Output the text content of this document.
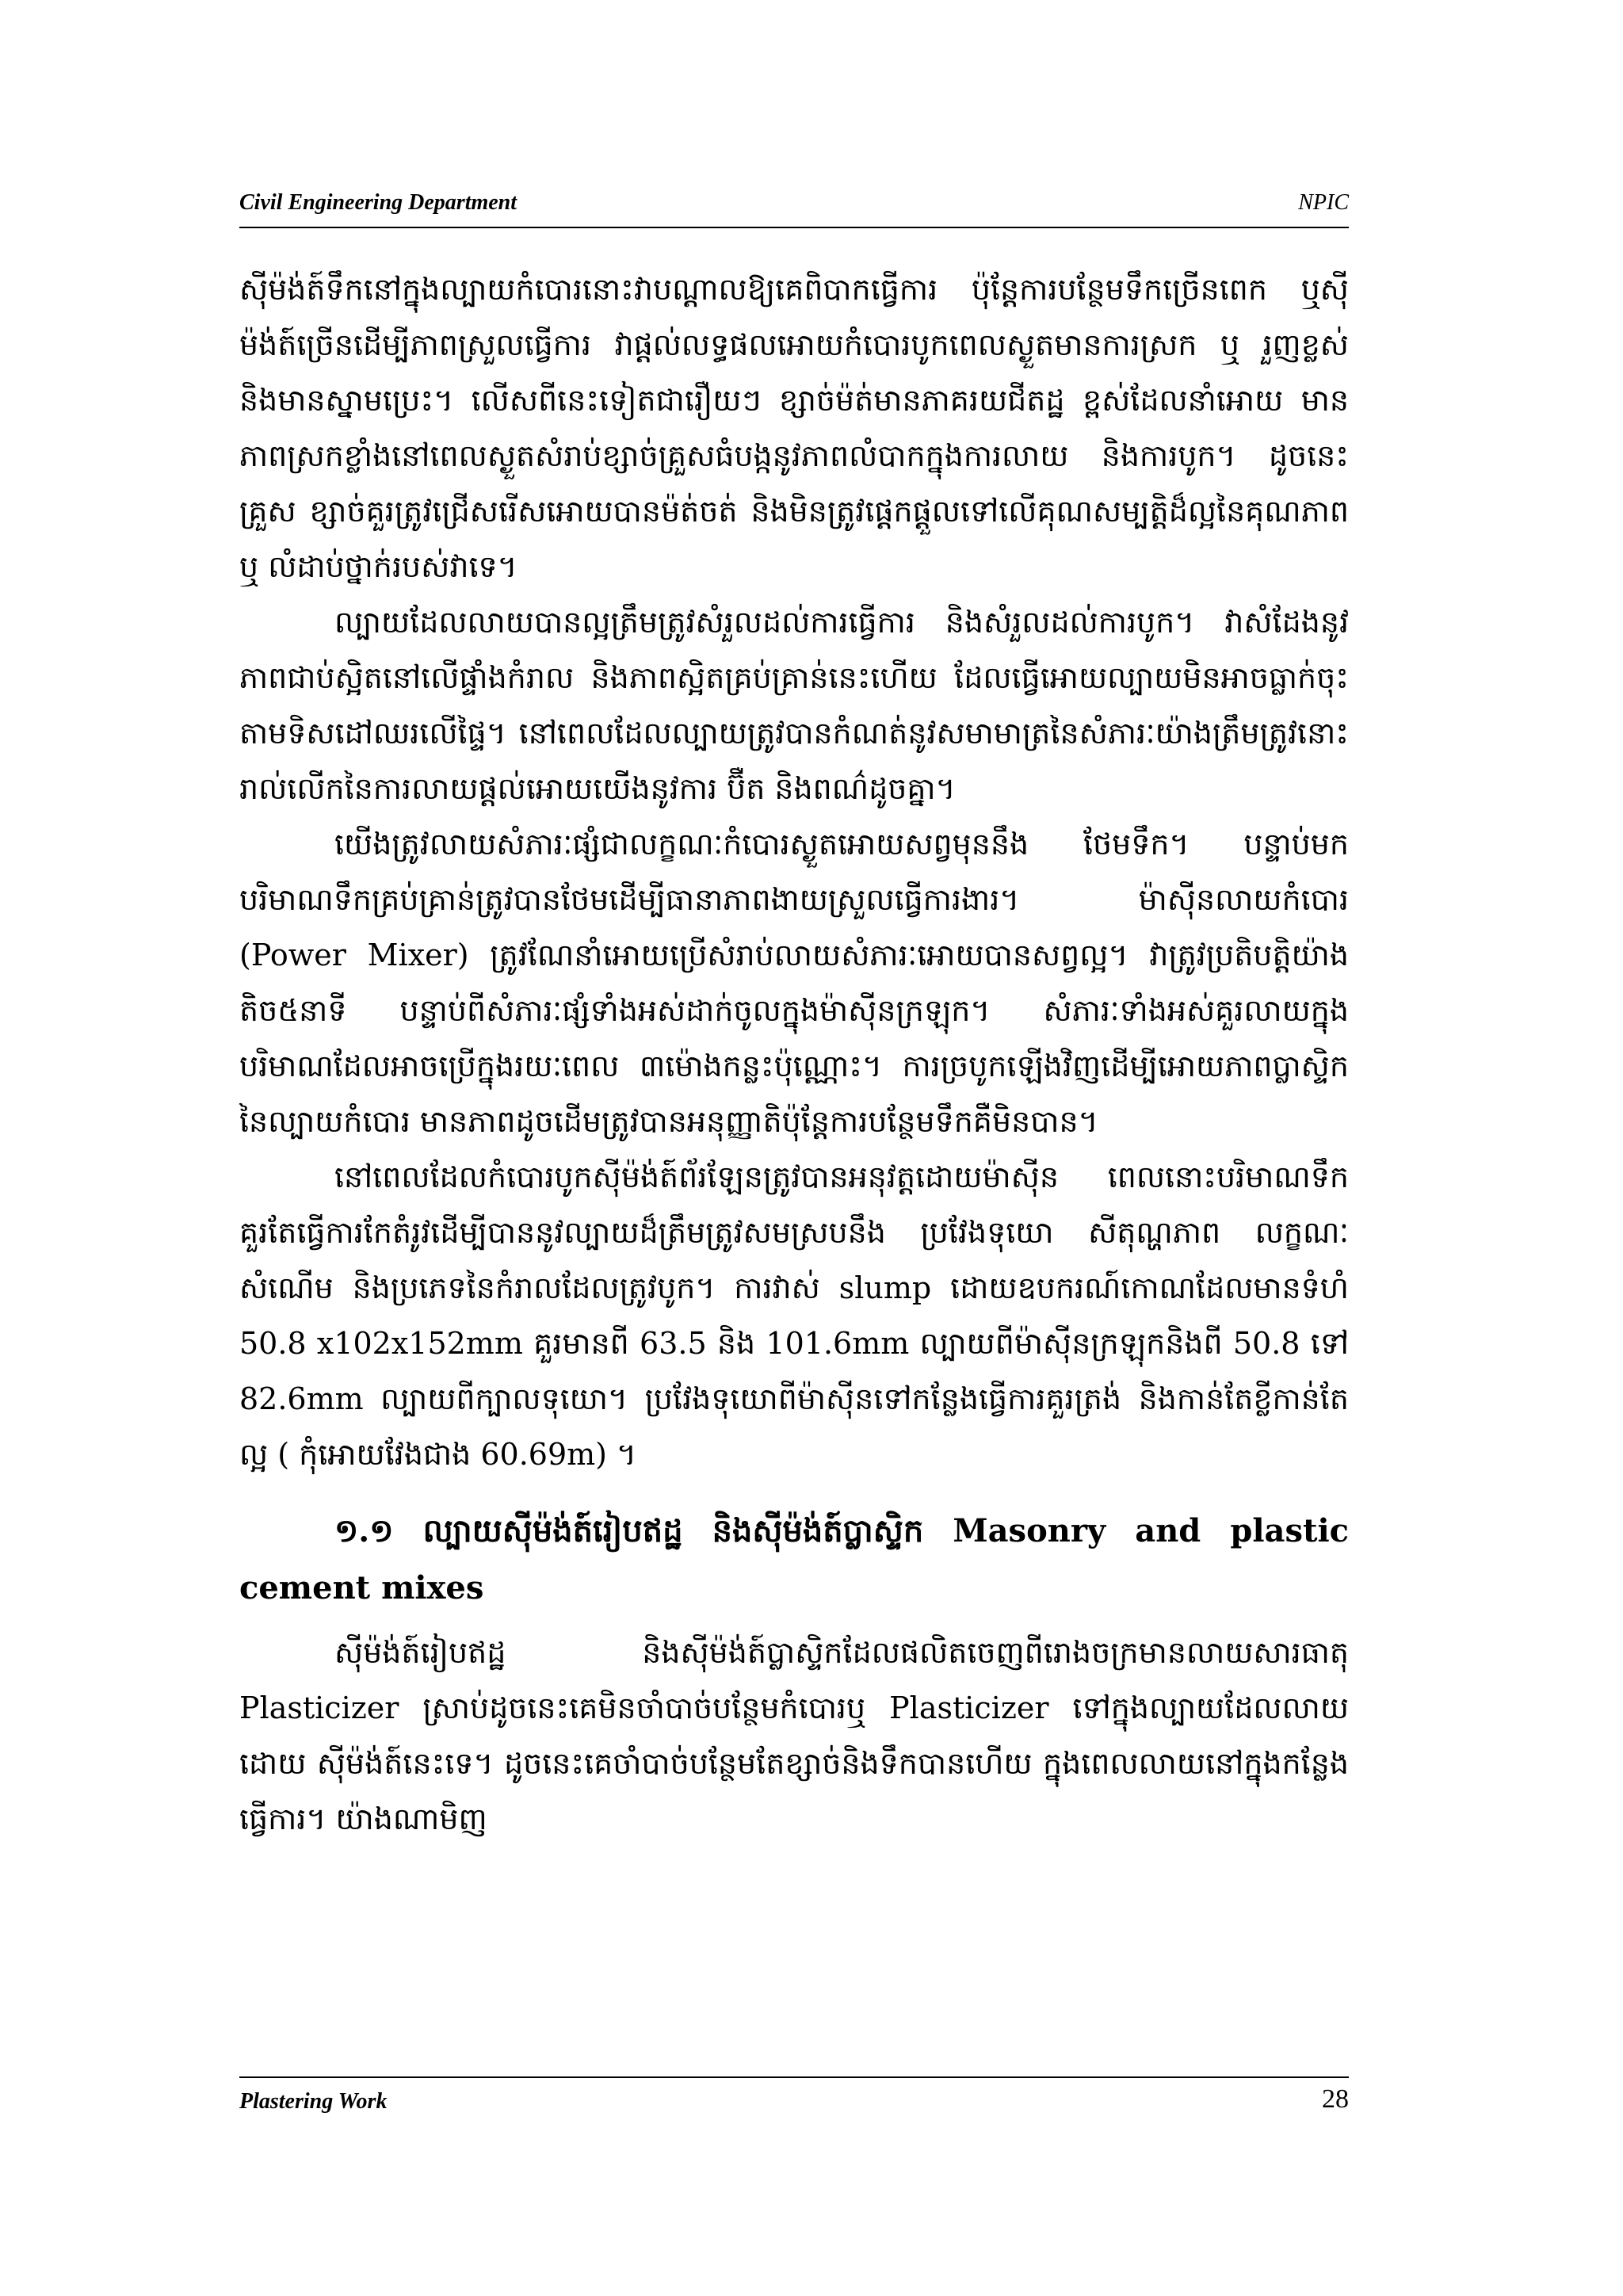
Civil Engineering Department	NPIC

ស៊ីម៉ង់ត៍ទឹកនៅក្នុងល្បាយកំបោរនោះវាបណ្ដាលឱ្យគេពិបាកធ្វើការ ប៉ុន្តែការបន្ថែមទឹកច្រើនពេក ឬស៊ីម៉ង់ត៍ច្រើនដើម្បីភាពស្រួលធ្វើការ វាផ្ដល់លទ្ធផលអោយកំបោរបូកពេលស្ងួតមានការស្រក ឬ រួញខ្លស់ និងមានស្នាមប្រេះ។ លើសពីនេះទៀតជារឿយៗ ខ្សាច់ម៉ត់មានភាគរយជីតដ្ឋ ខ្ពស់ដែលនាំអោយ មានភាពស្រកខ្លាំងនៅពេលស្ងួតសំរាប់ខ្សាច់គ្រួសធំបង្កនូវភាពលំបាកក្នុងការលាយ និងការបូក។ ដូចនេះ គ្រួស ខ្សាច់គួរត្រូវជ្រើសរើសអោយបានម៉ត់ចត់ និងមិនត្រូវផ្ដេកផ្ដួលទៅលើគុណសម្បត្តិដ៏ល្អនៃគុណភាព ឬ លំដាប់ថ្នាក់របស់វាទេ។

ល្បាយដែលលាយបានល្អត្រឹមត្រូវសំរួលដល់ការធ្វើការ និងសំរួលដល់ការបូក។ វាសំដែងនូវភាពជាប់ស្អិតនៅលើផ្ទាំងកំរាល និងភាពស្អិតគ្រប់គ្រាន់នេះហើយ ដែលធ្វើអោយល្បាយមិនអាចធ្លាក់ចុះតាមទិសដៅឈរលើផ្ទៃ។ នៅពេលដែលល្បាយត្រូវបានកំណត់នូវសមាមាត្រនៃសំភារៈយ៉ាងត្រឹមត្រូវនោះរាល់លើកនៃការលាយផ្ដល់អោយយើងនូវការ ប៊ឺត និងពណ៌ដូចគ្នា។

យើងត្រូវលាយសំភារៈផ្សំជាលក្ខណៈកំបោរស្ងួតអោយសព្វមុននឹង ថែមទឹក។ បន្ទាប់មកបរិមាណទឹកគ្រប់គ្រាន់ត្រូវបានថែមដើម្បីធានាភាពងាយស្រួលធ្វើការងារ។ ម៉ាស៊ីនលាយកំបោរ (Power Mixer) ត្រូវណែនាំអោយប្រើសំរាប់លាយសំភារៈអោយបានសព្វល្អ។ វាត្រូវប្រតិបត្តិយ៉ាងតិច៥នាទី បន្ទាប់ពីសំភារៈផ្សំទាំងអស់ដាក់ចូលក្នុងម៉ាស៊ីនក្រឡុក។ សំភារៈទាំងអស់គួរលាយក្នុងបរិមាណដែលអាចប្រើក្នុងរយៈពេល ៣ម៉ោងកន្លះប៉ុណ្ណោះ។ ការច្របូកឡើងវិញដើម្បីអោយភាពប្លាស្ទិកនៃល្បាយកំបោរ មានភាពដូចដើមត្រូវបានអនុញ្ញាតិប៉ុន្តែការបន្ថែមទឹកគឺមិនបាន។

នៅពេលដែលកំបោរបូកស៊ីម៉ង់ត៍ព័រឡែនត្រូវបានអនុវត្តដោយម៉ាស៊ីន ពេលនោះបរិមាណទឹកគួរតែធ្វើការកែតំរូវដើម្បីបាននូវល្បាយដ៏ត្រឹមត្រូវសមស្របនឹង ប្រវែងទុយោ សីតុណ្ហភាព លក្ខណៈសំណើម និងប្រភេទនៃកំរាលដែលត្រូវបូក។ ការវាស់ slump ដោយឧបករណ៍កោណដែលមានទំហំ 50.8 x102x152mm គួរមានពី 63.5 និង 101.6mm ល្បាយពីម៉ាស៊ីនក្រឡុកនិងពី 50.8 ទៅ 82.6mm ល្បាយពីក្បាលទុយោ។ ប្រវែងទុយោពីម៉ាស៊ីនទៅកន្លែងធ្វើការគួរត្រង់ និងកាន់តែខ្លីកាន់តែល្អ ( កុំអោយវែងជាង 60.69m) ។

១.១ ល្បាយស៊ីម៉ង់ត៍រៀបឥដ្ឋ និងស៊ីម៉ង់ត៍ប្លាស្ទិក Masonry and plastic cement mixes

ស៊ីម៉ង់ត៍រៀបឥដ្ឋ និងស៊ីម៉ង់ត៍ប្លាស្ទិកដែលផលិតចេញពីរោងចក្រមានលាយសារធាតុ Plasticizer ស្រាប់ដូចនេះគេមិនចាំបាច់បន្ថែមកំបោរឬ Plasticizer ទៅក្នុងល្បាយដែលលាយដោយ ស៊ីម៉ង់ត៍នេះទេ។ ដូចនេះគេចាំបាច់បន្ថែមតែខ្សាច់និងទឹកបានហើយ ក្នុងពេលលាយនៅក្នុងកន្លែងធ្វើការ។ យ៉ាងណាមិញ

Plastering Work	28
